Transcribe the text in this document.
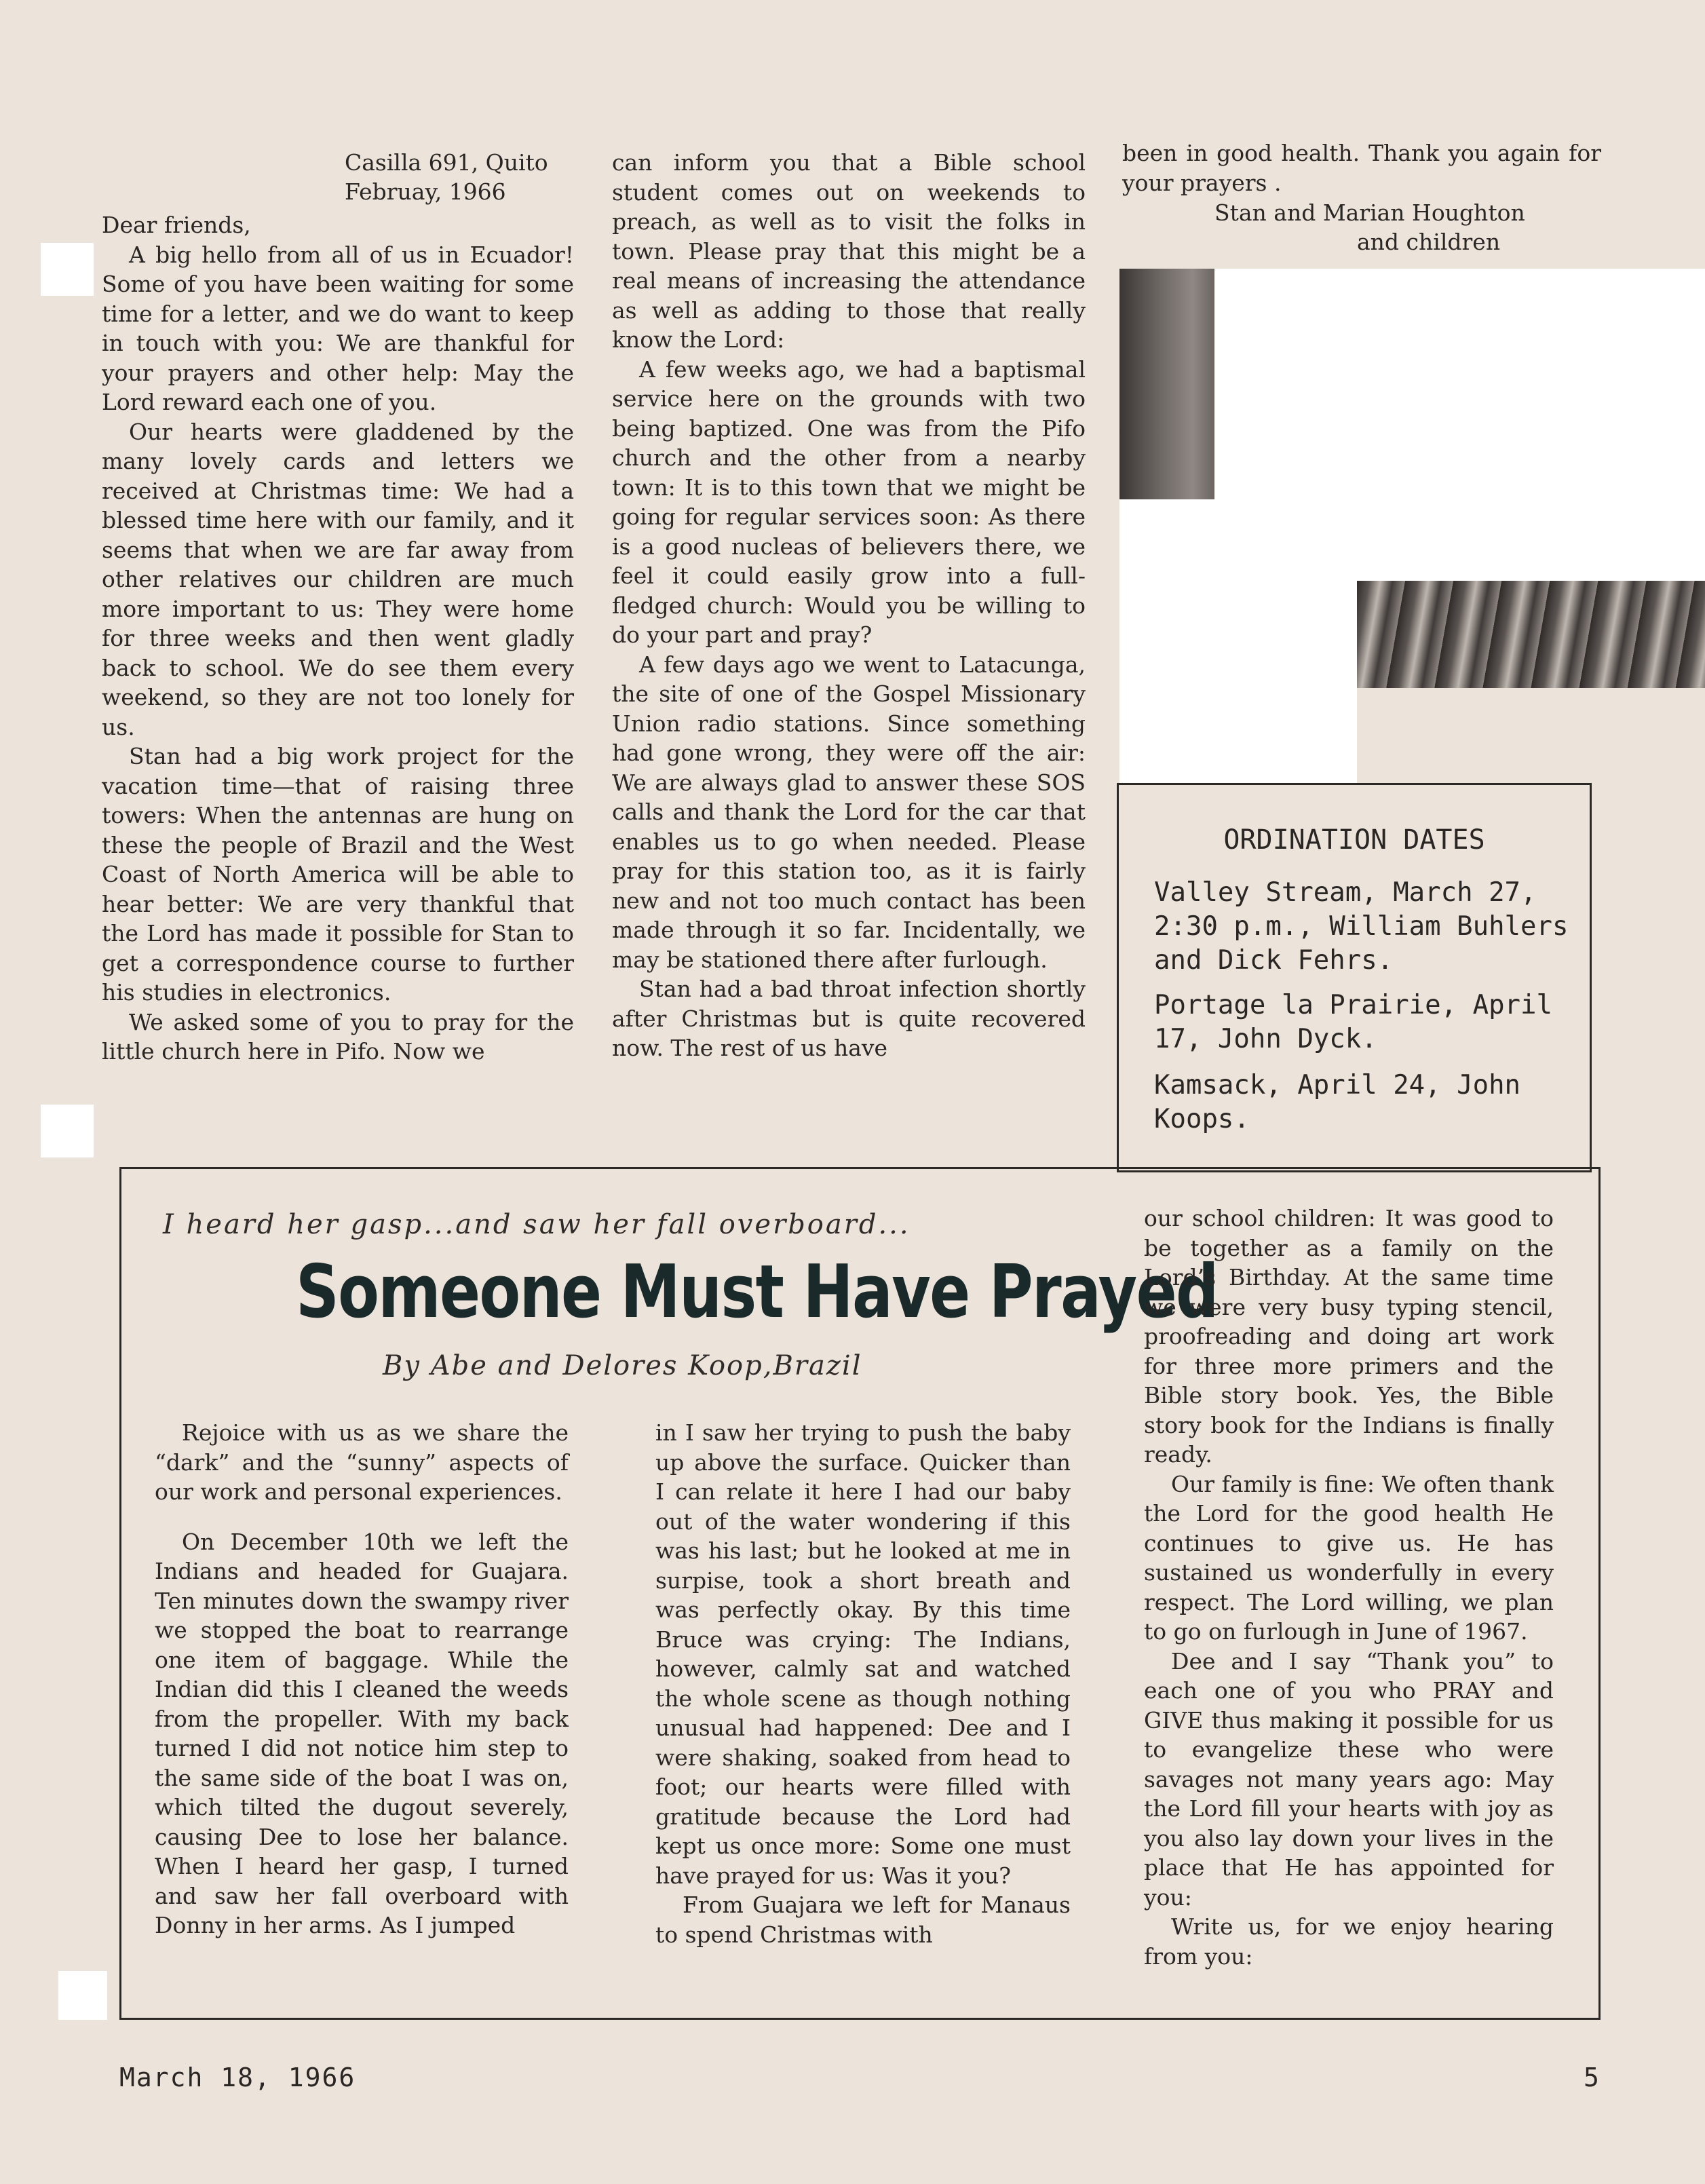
Casilla 691, Quito
Februay, 1966

Dear friends,

A big hello from all of us in Ecuador! Some of you have been waiting for some time for a letter, and we do want to keep in touch with you: We are thankful for your prayers and other help: May the Lord reward each one of you.

Our hearts were gladdened by the many lovely cards and letters we received at Christmas time: We had a blessed time here with our family, and it seems that when we are far away from other relatives our children are much more important to us: They were home for three weeks and then went gladly back to school. We do see them every weekend, so they are not too lonely for us.

Stan had a big work project for the vacation time—that of raising three towers: When the antennas are hung on these the people of Brazil and the West Coast of North America will be able to hear better: We are very thankful that the Lord has made it possible for Stan to get a correspondence course to further his studies in electronics.

We asked some of you to pray for the little church here in Pifo. Now we

can inform you that a Bible school student comes out on weekends to preach, as well as to visit the folks in town. Please pray that this might be a real means of increasing the attendance as well as adding to those that really know the Lord:

A few weeks ago, we had a baptismal service here on the grounds with two being baptized. One was from the Pifo church and the other from a nearby town: It is to this town that we might be going for regular services soon: As there is a good nucleas of believers there, we feel it could easily grow into a full-fledged church: Would you be willing to do your part and pray?

A few days ago we went to Latacunga, the site of one of the Gospel Missionary Union radio stations. Since something had gone wrong, they were off the air: We are always glad to answer these SOS calls and thank the Lord for the car that enables us to go when needed. Please pray for this station too, as it is fairly new and not too much contact has been made through it so far. Incidentally, we may be stationed there after furlough.

Stan had a bad throat infection shortly after Christmas but is quite recovered now. The rest of us have

been in good health. Thank you again for your prayers .

Stan and Marian Houghton
and children
ORDINATION DATES
Valley Stream, March 27, 2:30 p.m., William Buhlers and Dick Fehrs.
Portage la Prairie, April 17, John Dyck.
Kamsack, April 24, John Koops.
I heard her gasp...and saw her fall overboard...
Someone Must Have Prayed
By Abe and Delores Koop,Brazil

Rejoice with us as we share the “dark” and the “sunny” aspects of our work and personal experiences.

On December 10th we left the Indians and headed for Guajara. Ten minutes down the swampy river we stopped the boat to rearrange one item of baggage. While the Indian did this I cleaned the weeds from the propeller. With my back turned I did not notice him step to the same side of the boat I was on, which tilted the dugout severely, causing Dee to lose her balance. When I heard her gasp, I turned and saw her fall overboard with Donny in her arms. As I jumped

in I saw her trying to push the baby up above the surface. Quicker than I can relate it here I had our baby out of the water wondering if this was his last; but he looked at me in surpise, took a short breath and was perfectly okay. By this time Bruce was crying: The Indians, however, calmly sat and watched the whole scene as though nothing unusual had happened: Dee and I were shaking, soaked from head to foot; our hearts were filled with gratitude because the Lord had kept us once more: Some one must have prayed for us: Was it you?

From Guajara we left for Manaus to spend Christmas with

our school children: It was good to be together as a family on the Lord’s Birthday. At the same time we were very busy typing stencil, proofreading and doing art work for three more primers and the Bible story book. Yes, the Bible story book for the Indians is finally ready.

Our family is fine: We often thank the Lord for the good health He continues to give us. He has sustained us wonderfully in every respect. The Lord willing, we plan to go on furlough in June of 1967.

Dee and I say “Thank you” to each one of you who PRAY and GIVE thus making it possible for us to evangelize these who were savages not many years ago: May the Lord fill your hearts with joy as you also lay down your lives in the place that He has appointed for you:

Write us, for we enjoy hearing from you:

March 18, 1966	5
